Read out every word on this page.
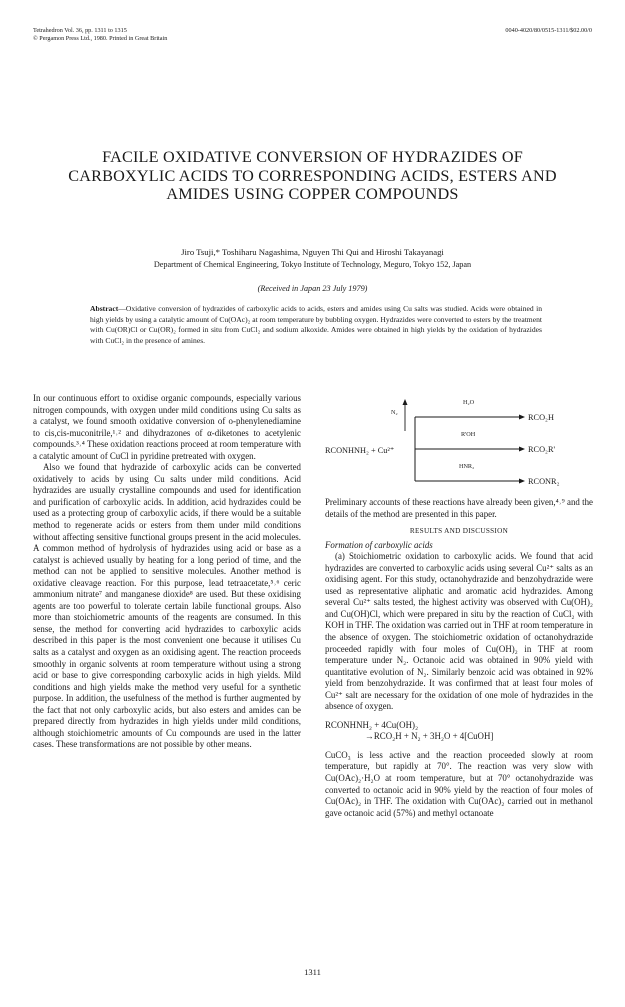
Tetrahedron Vol. 36, pp. 1311 to 1315
© Pergamon Press Ltd., 1980. Printed in Great Britain
0040-4020/80/0515-1311/$02.00/0
FACILE OXIDATIVE CONVERSION OF HYDRAZIDES OF CARBOXYLIC ACIDS TO CORRESPONDING ACIDS, ESTERS AND AMIDES USING COPPER COMPOUNDS
Jiro Tsuji,* Toshiharu Nagashima, Nguyen Thi Qui and Hiroshi Takayanagi
Department of Chemical Engineering, Tokyo Institute of Technology, Meguro, Tokyo 152, Japan
(Received in Japan 23 July 1979)
Abstract—Oxidative conversion of hydrazides of carboxylic acids to acids, esters and amides using Cu salts was studied. Acids were obtained in high yields by using a catalytic amount of Cu(OAc)₂ at room temperature by bubbling oxygen. Hydrazides were converted to esters by the treatment with Cu(OR)Cl or Cu(OR)₂ formed in situ from CuCl₂ and sodium alkoxide. Amides were obtained in high yields by the oxidation of hydrazides with CuCl₂ in the presence of amines.

In our continuous effort to oxidise organic compounds, especially various nitrogen compounds, with oxygen under mild conditions using Cu salts as a catalyst, we found smooth oxidative conversion of o-phenylenediamine to cis,cis-muconitrile,¹˒² and dihydrazones of α-diketones to acetylenic compounds.³˒⁴ These oxidation reactions proceed at room temperature with a catalytic amount of CuCl in pyridine pretreated with oxygen.

Also we found that hydrazide of carboxylic acids can be converted oxidatively to acids by using Cu salts under mild conditions. Acid hydrazides are usually crystalline compounds and used for identification and purification of carboxylic acids. In addition, acid hydrazides could be used as a protecting group of carboxylic acids, if there would be a suitable method to regenerate acids or esters from them under mild conditions without affecting sensitive functional groups present in the acid molecules. A common method of hydrolysis of hydrazides using acid or base as a catalyst is achieved usually by heating for a long period of time, and the method can not be applied to sensitive molecules. Another method is oxidative cleavage reaction. For this purpose, lead tetraacetate,⁵˒⁶ ceric ammonium nitrate⁷ and manganese dioxide⁸ are used. But these oxidising agents are too powerful to tolerate certain labile functional groups. Also more than stoichiometric amounts of the reagents are consumed. In this sense, the method for converting acid hydrazides to carboxylic acids described in this paper is the most convenient one because it utilises Cu salts as a catalyst and oxygen as an oxidising agent. The reaction proceeds smoothly in organic solvents at room temperature without using a strong acid or base to give corresponding carboxylic acids in high yields. Mild conditions and high yields make the method very useful for a synthetic purpose. In addition, the usefulness of the method is further augmented by the fact that not only carboxylic acids, but also esters and amides can be prepared directly from hydrazides in high yields under mild conditions, although stoichiometric amounts of Cu compounds are used in the latter cases. These transformations are not possible by other means.

N₂
H₂O
R'OH
HNR₂
RCONHNH₂ + Cu²⁺
RCO₂H
RCO₂R'
RCONR₂

Preliminary accounts of these reactions have already been given,⁴˒⁹ and the details of the method are presented in this paper.

RESULTS AND DISCUSSION
Formation of carboxylic acids

(a) Stoichiometric oxidation to carboxylic acids. We found that acid hydrazides are converted to carboxylic acids using several Cu²⁺ salts as an oxidising agent. For this study, octanohydrazide and benzohydrazide were used as representative aliphatic and aromatic acid hydrazides. Among several Cu²⁺ salts tested, the highest activity was observed with Cu(OH)₂ and Cu(OH)Cl, which were prepared in situ by the reaction of CuCl₂ with KOH in THF. The oxidation was carried out in THF at room temperature in the absence of oxygen. The stoichiometric oxidation of octanohydrazide proceeded rapidly with four moles of Cu(OH)₂ in THF at room temperature under N₂. Octanoic acid was obtained in 90% yield with quantitative evolution of N₂. Similarly benzoic acid was obtained in 92% yield from benzohydrazide. It was confirmed that at least four moles of Cu²⁺ salt are necessary for the oxidation of one mole of hydrazides in the absence of oxygen.

RCONHNH₂ + 4Cu(OH)₂
→RCO₂H + N₂ + 3H₂O + 4[CuOH]

CuCO₃ is less active and the reaction proceeded slowly at room temperature, but rapidly at 70°. The reaction was very slow with Cu(OAc)₂·H₂O at room temperature, but at 70° octanohydrazide was converted to octanoic acid in 90% yield by the reaction of four moles of Cu(OAc)₂ in THF. The oxidation with Cu(OAc)₂ carried out in methanol gave octanoic acid (57%) and methyl octanoate

1311
